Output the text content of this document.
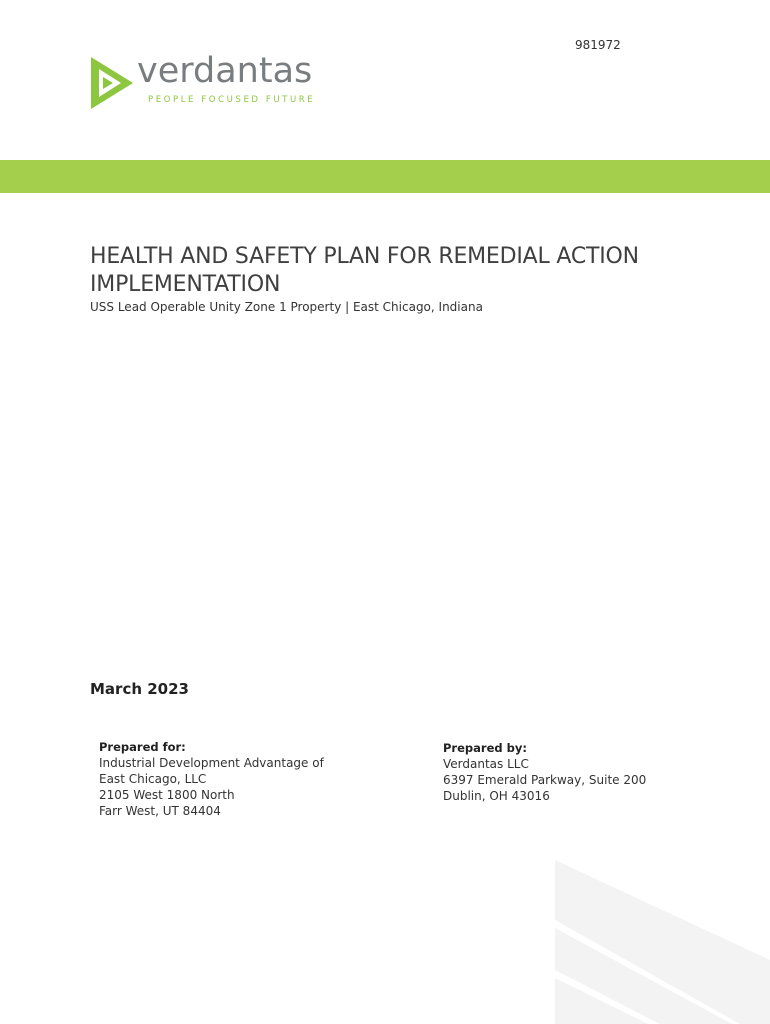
981972
verdantas
PEOPLE FOCUSED FUTURE
HEALTH AND SAFETY PLAN FOR REMEDIAL ACTION IMPLEMENTATION
USS Lead Operable Unity Zone 1 Property | East Chicago, Indiana
March 2023
Prepared for:
Industrial Development Advantage of
East Chicago, LLC
2105 West 1800 North
Farr West, UT 84404
Prepared by:
Verdantas LLC
6397 Emerald Parkway, Suite 200
Dublin, OH 43016
